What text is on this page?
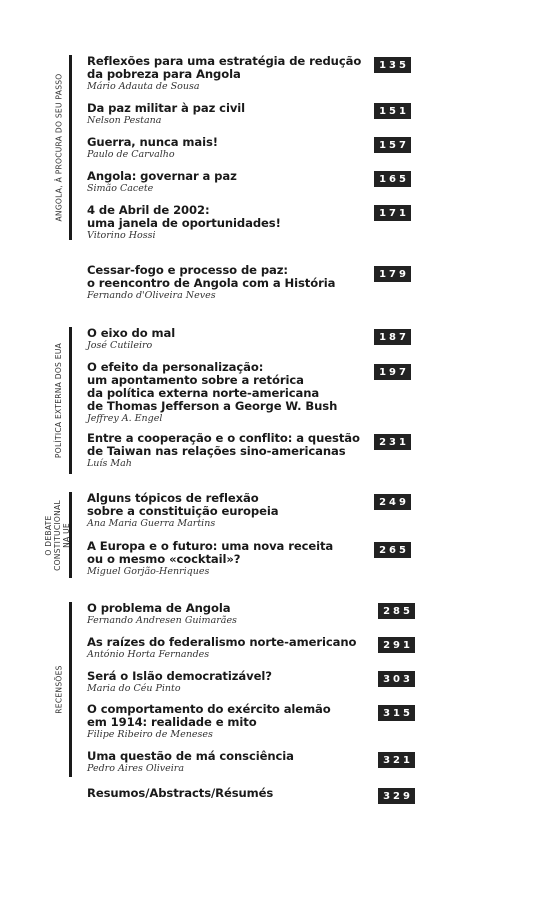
ANGOLA, À PROCURA DO SEU PASSO
POLÍTICA EXTERNA DOS EUA
O DEBATE
CONSTITUCIONAL NA UE
RECENSÕES
Reflexões para uma estratégia de redução
da pobreza para Angola
Mário Adauta de Sousa
135
Da paz militar à paz civil
Nelson Pestana
151
Guerra, nunca mais!
Paulo de Carvalho
157
Angola: governar a paz
Simão Cacete
165
4 de Abril de 2002:
uma janela de oportunidades!
Vitorino Hossi
171
Cessar-fogo e processo de paz:
o reencontro de Angola com a História
Fernando d'Oliveira Neves
179
O eixo do mal
José Cutileiro
187
O efeito da personalização:
um apontamento sobre a retórica
da política externa norte-americana
de Thomas Jefferson a George W. Bush
Jeffrey A. Engel
197
Entre a cooperação e o conflito: a questão
de Taiwan nas relações sino-americanas
Luís Mah
231
Alguns tópicos de reflexão
sobre a constituição europeia
Ana Maria Guerra Martins
249
A Europa e o futuro: uma nova receita
ou o mesmo «cocktail»?
Miguel Gorjão-Henriques
265
O problema de Angola
Fernando Andresen Guimarães
285
As raízes do federalismo norte-americano
António Horta Fernandes
291
Será o Islão democratizável?
Maria do Céu Pinto
303
O comportamento do exército alemão
em 1914: realidade e mito
Filipe Ribeiro de Meneses
315
Uma questão de má consciência
Pedro Aires Oliveira
321
Resumos/Abstracts/Résumés	329
